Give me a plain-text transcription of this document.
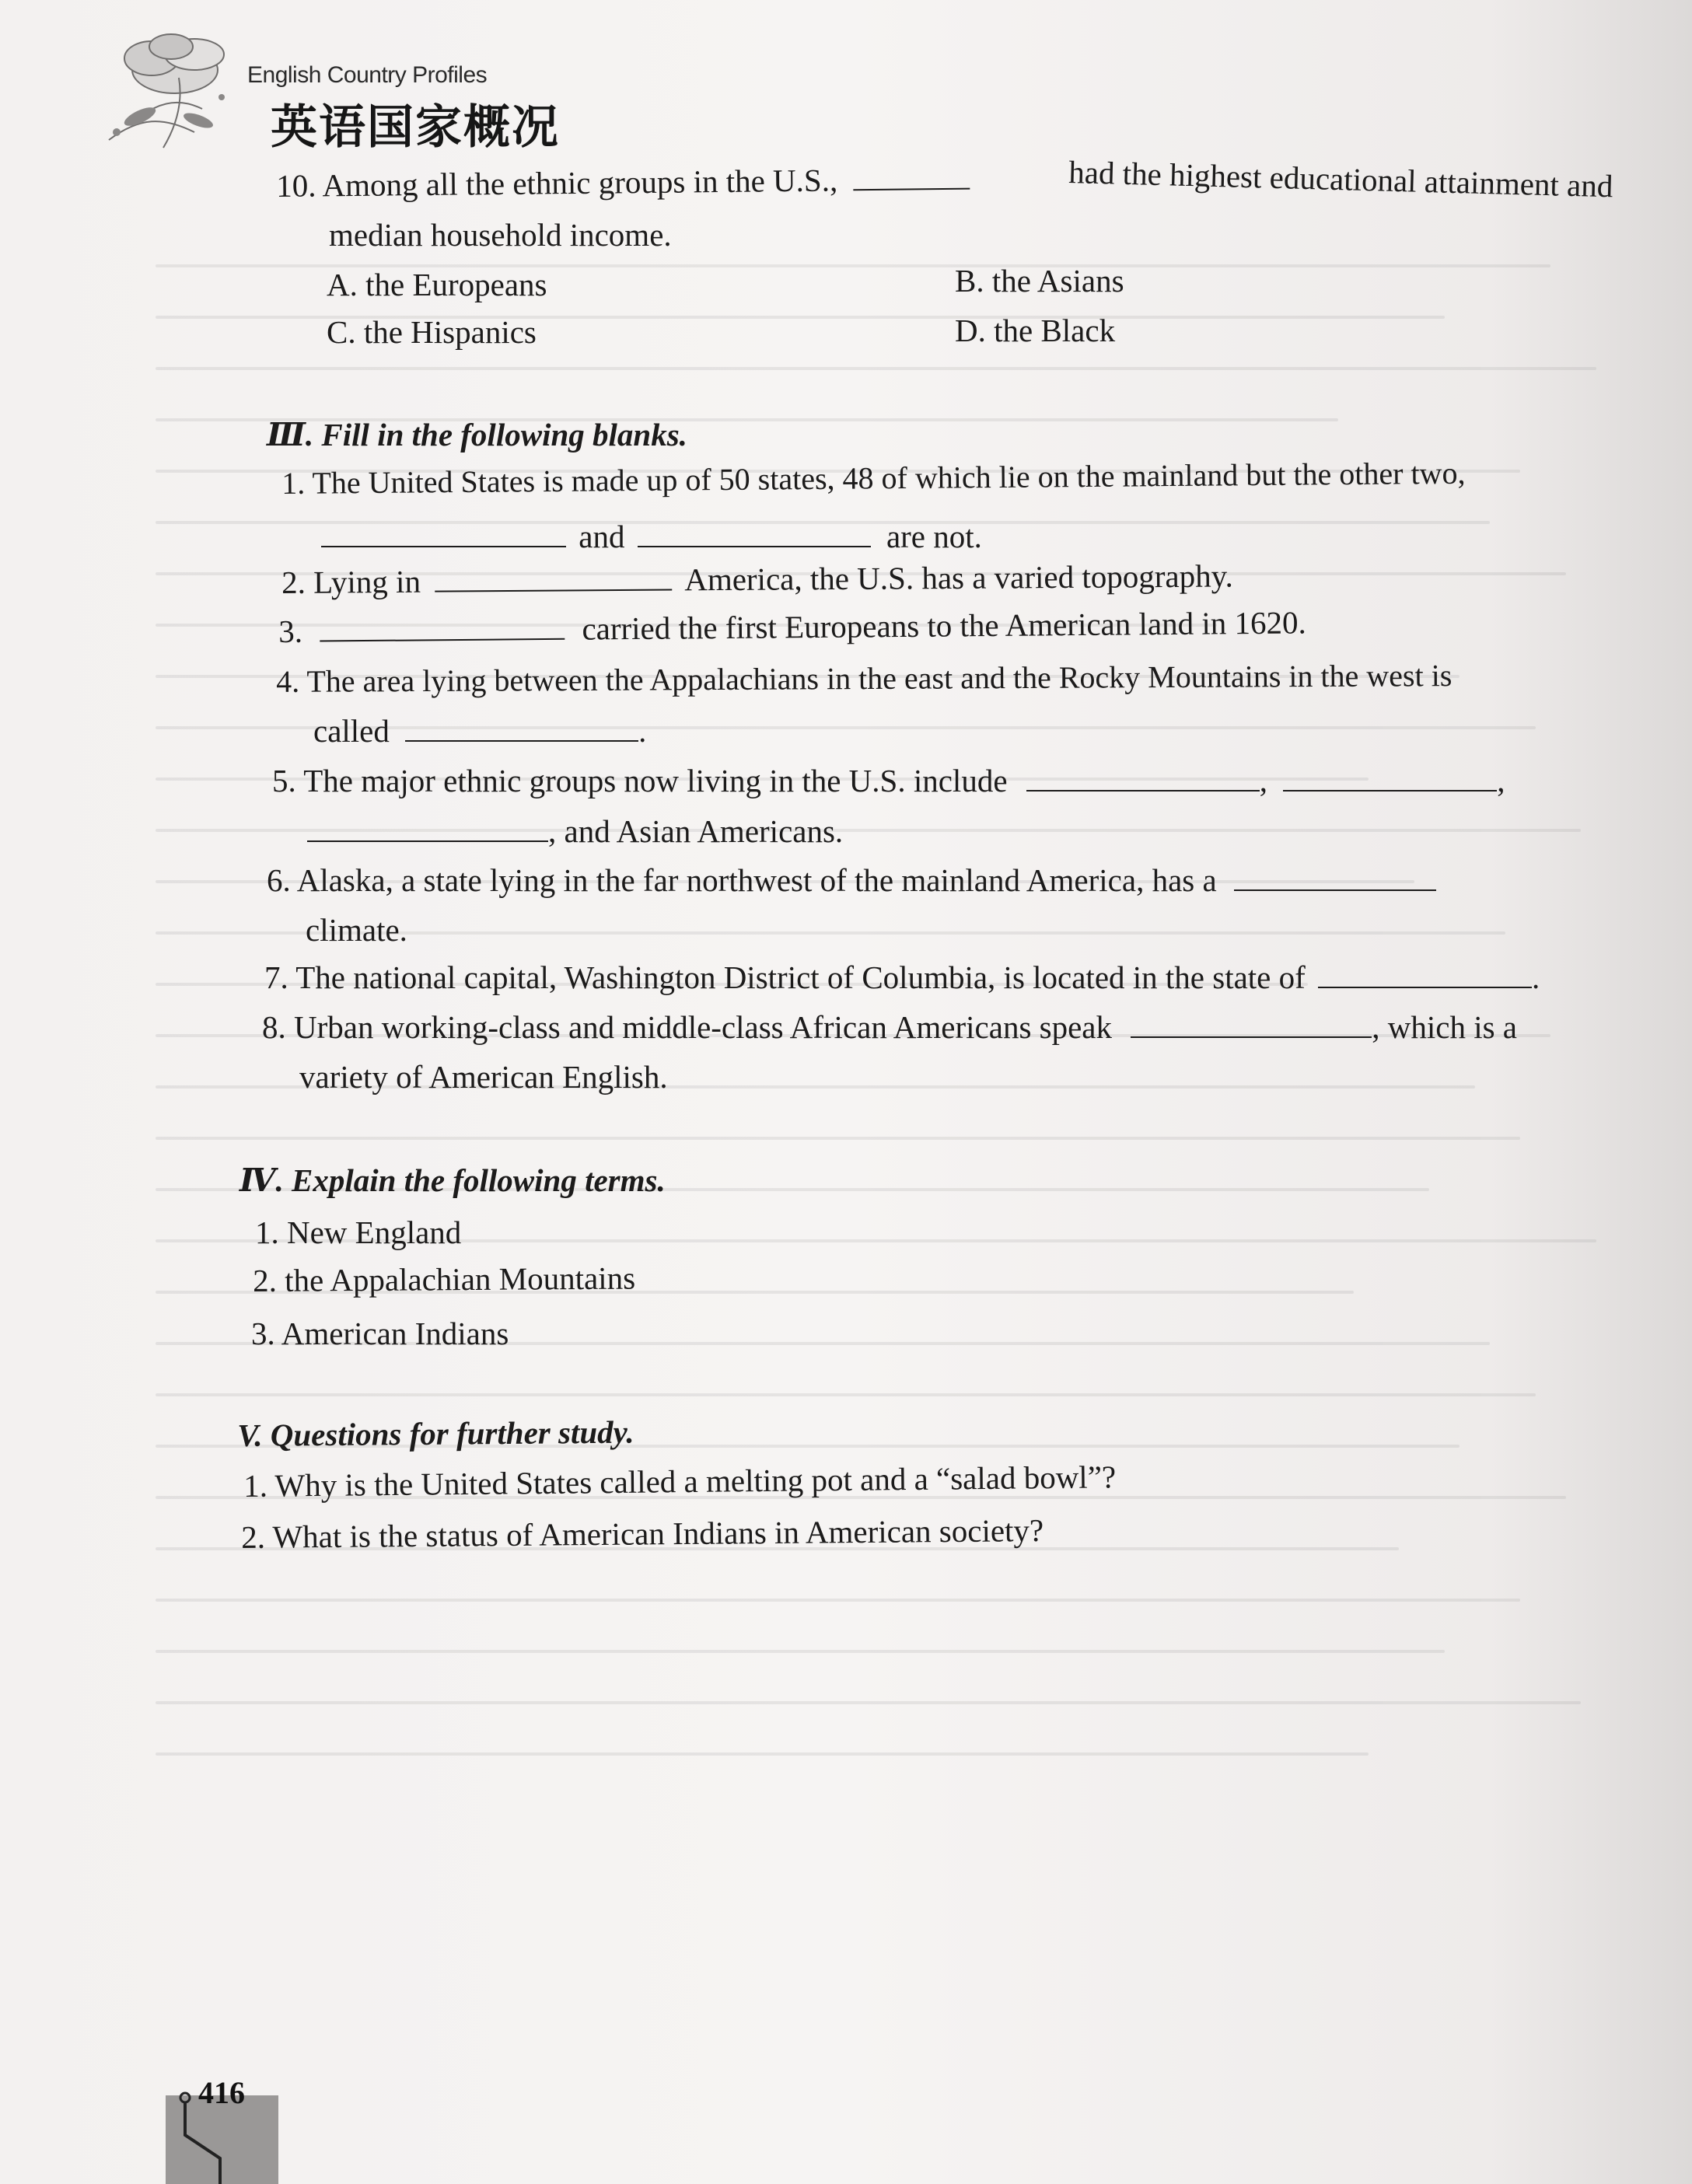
English Country Profiles
英语国家概况
10. Among all the ethnic groups in the U.S.,	had the highest educational attainment and
median household income.
A. the Europeans	B. the Asians
C. the Hispanics	D. the Black
Ⅲ. Fill in the following blanks.
1. The United States is made up of 50 states, 48 of which lie on the mainland but the other two,
and	are not.
2. Lying in	America, the U.S. has a varied topography.
3.	carried the first Europeans to the American land in 1620.
4. The area lying between the Appalachians in the east and the Rocky Mountains in the west is
called	.
5. The major ethnic groups now living in the U.S. include	,	,
, and Asian Americans.
6. Alaska, a state lying in the far northwest of the mainland America, has a
climate.
7. The national capital, Washington District of Columbia, is located in the state of	.
8. Urban working-class and middle-class African Americans speak	, which is a
variety of American English.
Ⅳ. Explain the following terms.
1. New England
2. the Appalachian Mountains
3. American Indians
V. Questions for further study.
1. Why is the United States called a melting pot and a “salad bowl”?
2. What is the status of American Indians in American society?
416
